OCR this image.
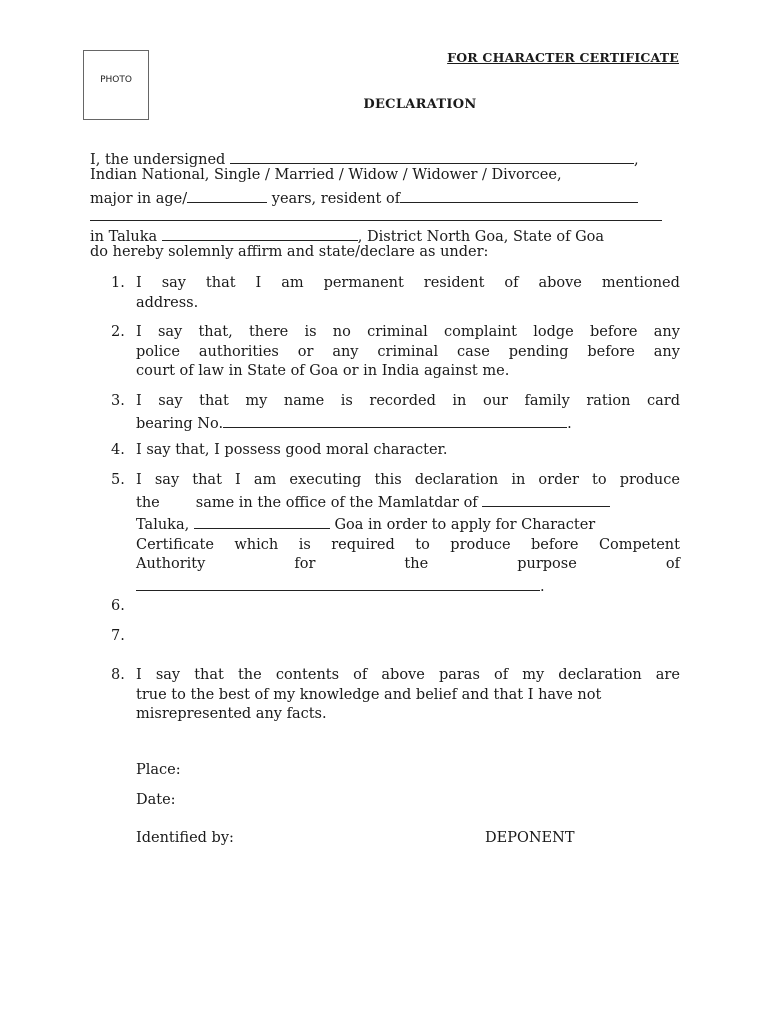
PHOTO
FOR CHARACTER CERTIFICATE
DECLARATION
I, the undersigned	,
Indian National, Single / Married / Widow / Widower / Divorcee,
major in age/	years, resident of
in Taluka	, District North Goa, State of Goa
do hereby solemnly affirm and state/declare as under:
1. I say that I am permanent resident of above mentioned
address.
2. I say that, there is no criminal complaint lodge before any
police authorities or any criminal case pending before any
court of law in State of Goa or in India against me.
3. I say that my name is recorded in our family ration card
bearing No.	.
4. I say that, I possess good moral character.
5. I say that I am executing this declaration in order to produce
the same in the office of the Mamlatdar of
Taluka,	Goa in order to apply for Character
Certificate which is required to produce before Competent
Authority	for	the	purpose	of
.
6.
7.
8. I say that the contents of above paras of my declaration are
true to the best of my knowledge and belief and that I have not
misrepresented any facts.
Place:
Date:
Identified by:	DEPONENT
